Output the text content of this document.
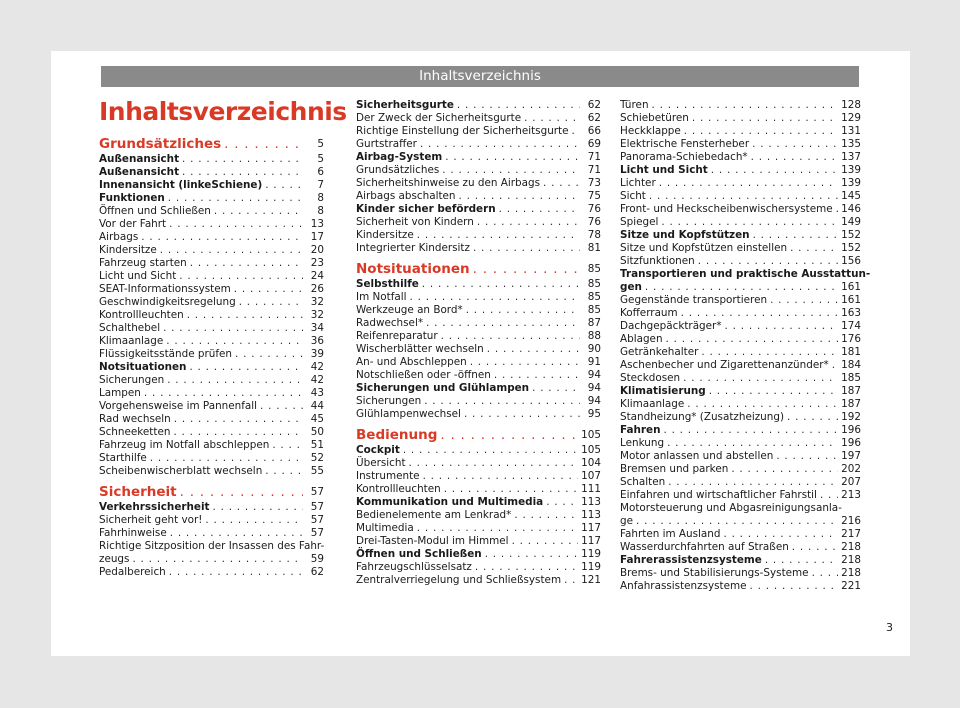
Inhaltsverzeichnis
Inhaltsverzeichnis
Grundsätzliches . . .	5
Außenansicht . . .	5
Außenansicht . . .	6
Innenansicht (linkeSchiene) . . .	7
Funktionen . . .	8
Öffnen und Schließen . . .	8
Vor der Fahrt . . .	13
Airbags . . .	17
Kindersitze . . .	20
Fahrzeug starten . . .	23
Licht und Sicht . . .	24
SEAT-Informationssystem . . .	26
Geschwindigkeitsregelung . . .	32
Kontrollleuchten . . .	32
Schalthebel . . .	34
Klimaanlage . . .	36
Flüssigkeitsstände prüfen . . .	39
Notsituationen . . .	42
Sicherungen . . .	42
Lampen . . .	43
Vorgehensweise im Pannenfall . . .	44
Rad wechseln . . .	45
Schneeketten . . .	50
Fahrzeug im Notfall abschleppen . . .	51
Starthilfe . . .	52
Scheibenwischerblatt wechseln . . .	55
Sicherheit . . .	57
Verkehrssicherheit . . .	57
Sicherheit geht vor! . . .	57
Fahrhinweise . . .	57
Richtige Sitzposition der Insassen des Fahr-
zeugs . . .	59
Pedalbereich . . .	62
Sicherheitsgurte . . .	62
Der Zweck der Sicherheitsgurte . . .	62
Richtige Einstellung der Sicherheitsgurte . . .	66
Gurtstraffer . . .	69
Airbag-System . . .	71
Grundsätzliches . . .	71
Sicherheitshinweise zu den Airbags . . .	73
Airbags abschalten . . .	75
Kinder sicher befördern . . .	76
Sicherheit von Kindern . . .	76
Kindersitze . . .	78
Integrierter Kindersitz . . .	81
Notsituationen . . .	85
Selbsthilfe . . .	85
Im Notfall . . .	85
Werkzeuge an Bord* . . .	85
Radwechsel* . . .	87
Reifenreparatur . . .	88
Wischerblätter wechseln . . .	90
An- und Abschleppen . . .	91
Notschließen oder -öffnen . . .	94
Sicherungen und Glühlampen . . .	94
Sicherungen . . .	94
Glühlampenwechsel . . .	95
Bedienung . . .	105
Cockpit . . .	105
Übersicht . . .	104
Instrumente . . .	107
Kontrollleuchten . . .	111
Kommunikation und Multimedia . . .	113
Bedienelemente am Lenkrad* . . .	113
Multimedia . . .	117
Drei-Tasten-Modul im Himmel . . .	117
Öffnen und Schließen . . .	119
Fahrzeugschlüsselsatz . . .	119
Zentralverriegelung und Schließsystem . . . 121
Türen . . .	128
Schiebetüren . . .	129
Heckklappe . . .	131
Elektrische Fensterheber . . .	135
Panorama-Schiebedach* . . .	137
Licht und Sicht . . .	139
Lichter . . .	139
Sicht . . .	145
Front- und Heckscheibenwischersysteme . . . 146
Spiegel . . .	149
Sitze und Kopfstützen . . .	152
Sitze und Kopfstützen einstellen . . .	152
Sitzfunktionen . . .	156
Transportieren und praktische Ausstattun-
gen . . .	161
Gegenstände transportieren . . .	161
Kofferraum . . .	163
Dachgepäckträger* . . .	174
Ablagen . . .	176
Getränkehalter . . .	181
Aschenbecher und Zigarettenanzünder* . . . 184
Steckdosen . . .	185
Klimatisierung . . .	187
Klimaanlage . . .	187
Standheizung* (Zusatzheizung) . . .	192
Fahren . . .	196
Lenkung . . .	196
Motor anlassen und abstellen . . .	197
Bremsen und parken . . .	202
Schalten . . .	207
Einfahren und wirtschaftlicher Fahrstil . . . 213
Motorsteuerung und Abgasreinigungsanla-
ge . . .	216
Fahrten im Ausland . . .	217
Wasserdurchfahrten auf Straßen . . .	218
Fahrerassistenzsysteme . . .	218
Brems- und Stabilisierungs-Systeme . . .	218
Anfahrassistenzsysteme . . .	221
3
